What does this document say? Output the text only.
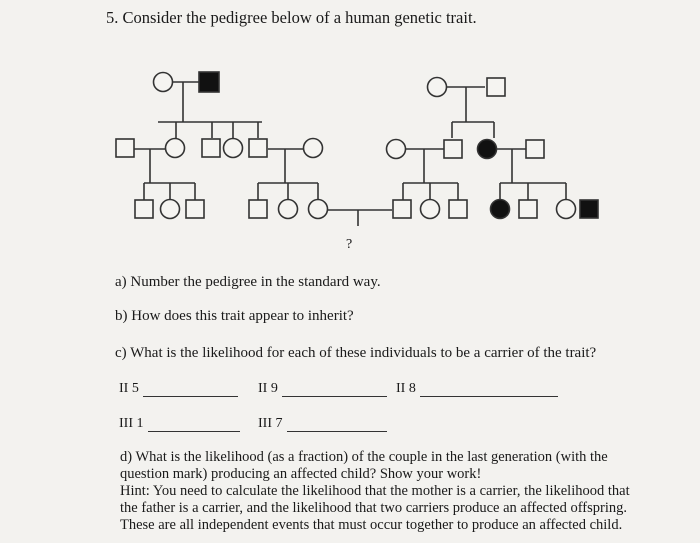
5. Consider the pedigree below of a human genetic trait.
?
a) Number the pedigree in the standard way.
b) How does this trait appear to inherit?
c) What is the likelihood for each of these individuals to be a carrier of the trait?
II 5	II 9	II 8
III 1	III 7
d) What is the likelihood (as a fraction) of the couple in the last generation (with the
question mark) producing an affected child? Show your work!
Hint: You need to calculate the likelihood that the mother is a carrier, the likelihood that
the father is a carrier, and the likelihood that two carriers produce an affected offspring.
These are all independent events that must occur together to produce an affected child.
